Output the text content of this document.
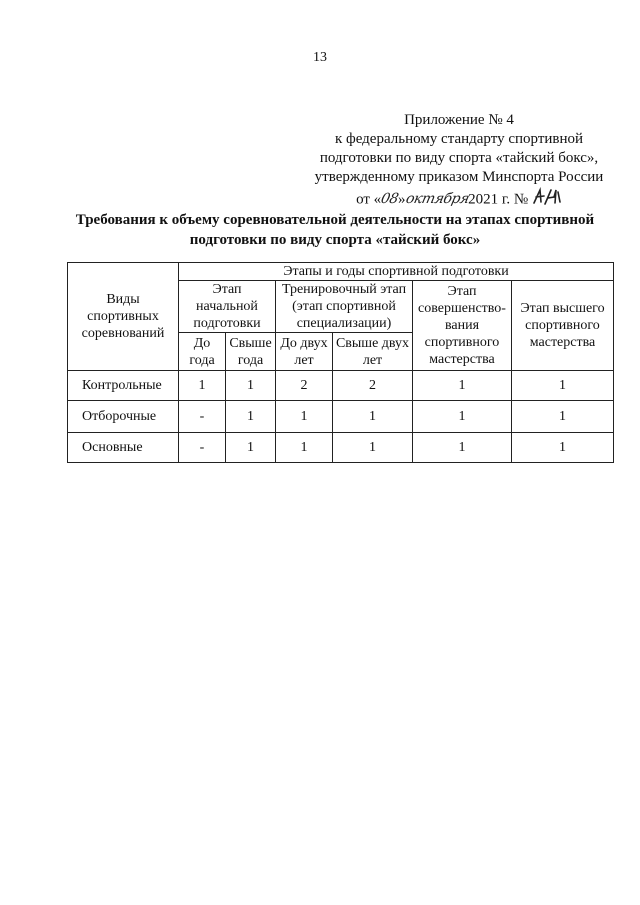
13
Приложение № 4
к федеральному стандарту спортивной
подготовки по виду спорта «тайский бокс»,
утвержденному приказом Минспорта России
от «08»октября2021 г. №
Требования к объему соревновательной деятельности на этапах спортивной
подготовки по виду спорта «тайский бокс»
Виды спортивных соревнований	Этапы и годы спортивной подготовки					
	Этап начальной подготовки		Тренировочный этап (этап спортивной специализации)		Этап совершенство-вания спортивного мастерства	Этап высшего спортивного мастерства
	До года	Свыше года	До двух лет	Свыше двух лет		
Контрольные	1	1	2	2	1	1
Отборочные	-	1	1	1	1	1
Основные	-	1	1	1	1	1
